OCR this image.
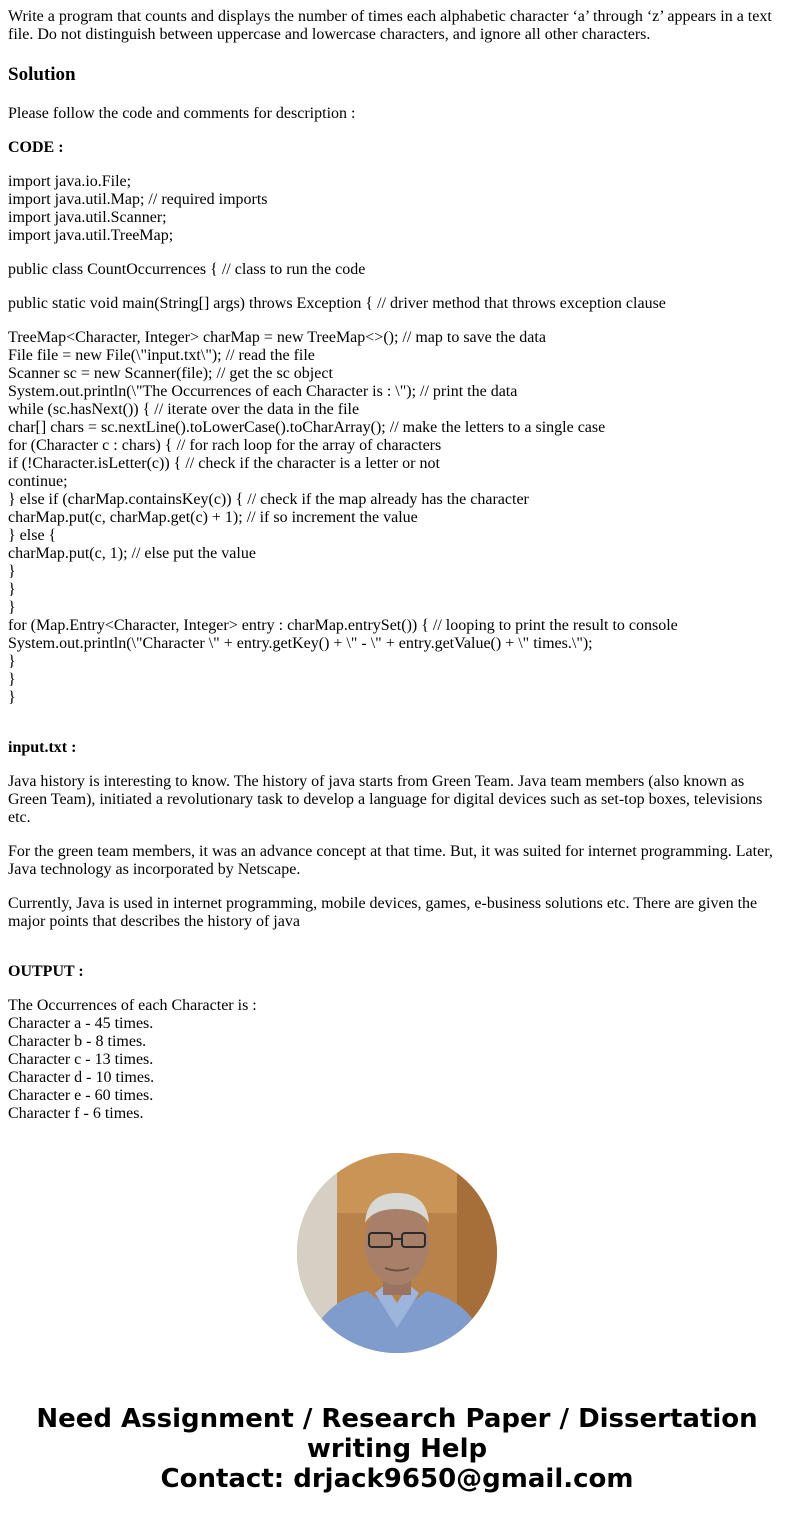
Write a program that counts and displays the number of times each alphabetic character ‘a’ through ‘z’ appears in a text file. Do not distinguish between uppercase and lowercase characters, and ignore all other characters.

Solution

Please follow the code and comments for description :

CODE :

import java.io.File;
import java.util.Map; // required imports
import java.util.Scanner;
import java.util.TreeMap;
public class CountOccurrences { // class to run the code
public static void main(String[] args) throws Exception { // driver method that throws exception clause
TreeMap<Character, Integer> charMap = new TreeMap<>(); // map to save the data
File file = new File(\"input.txt\"); // read the file
Scanner sc = new Scanner(file); // get the sc object
System.out.println(\"The Occurrences of each Character is : \"); // print the data
while (sc.hasNext()) { // iterate over the data in the file
char[] chars = sc.nextLine().toLowerCase().toCharArray(); // make the letters to a single case
for (Character c : chars) { // for rach loop for the array of characters
if (!Character.isLetter(c)) { // check if the character is a letter or not
continue;
} else if (charMap.containsKey(c)) { // check if the map already has the character
charMap.put(c, charMap.get(c) + 1); // if so increment the value
} else {
charMap.put(c, 1); // else put the value
}
}
}
for (Map.Entry<Character, Integer> entry : charMap.entrySet()) { // looping to print the result to console
System.out.println(\"Character \" + entry.getKey() + \" - \" + entry.getValue() + \" times.\");
}
}
}

input.txt :

Java history is interesting to know. The history of java starts from Green Team. Java team members (also known as Green Team), initiated a revolutionary task to develop a language for digital devices such as set-top boxes, televisions etc.

For the green team members, it was an advance concept at that time. But, it was suited for internet programming. Later, Java technology as incorporated by Netscape.

Currently, Java is used in internet programming, mobile devices, games, e-business solutions etc. There are given the major points that describes the history of java

OUTPUT :

The Occurrences of each Character is :
Character a - 45 times.
Character b - 8 times.
Character c - 13 times.
Character d - 10 times.
Character e - 60 times.
Character f - 6 times.
Need Assignment / Research Paper / Dissertation
writing Help
Contact: drjack9650@gmail.com
